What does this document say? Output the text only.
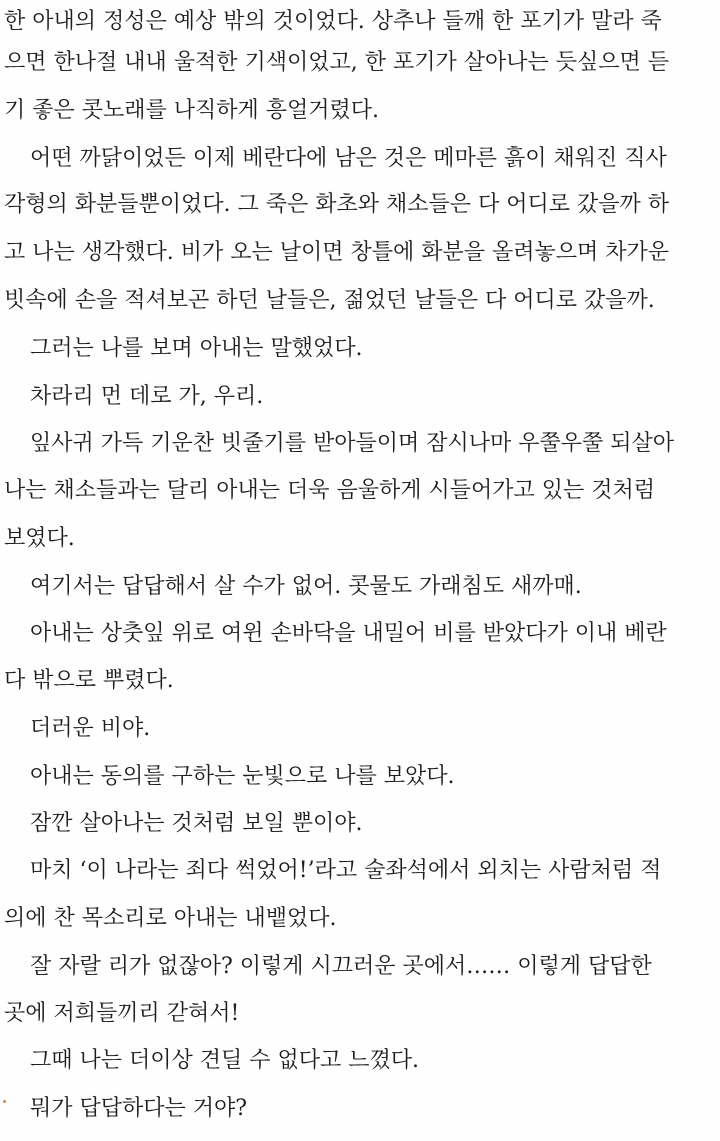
한 아내의 정성은 예상 밖의 것이었다. 상추나 들깨 한 포기가 말라 죽
으면 한나절 내내 울적한 기색이었고, 한 포기가 살아나는 듯싶으면 듣
기 좋은 콧노래를 나직하게 흥얼거렸다.
어떤 까닭이었든 이제 베란다에 남은 것은 메마른 흙이 채워진 직사
각형의 화분들뿐이었다. 그 죽은 화초와 채소들은 다 어디로 갔을까 하
고 나는 생각했다. 비가 오는 날이면 창틀에 화분을 올려놓으며 차가운
빗속에 손을 적셔보곤 하던 날들은, 젊었던 날들은 다 어디로 갔을까.
그러는 나를 보며 아내는 말했었다.
차라리 먼 데로 가, 우리.
잎사귀 가득 기운찬 빗줄기를 받아들이며 잠시나마 우쭐우쭐 되살아
나는 채소들과는 달리 아내는 더욱 음울하게 시들어가고 있는 것처럼
보였다.
여기서는 답답해서 살 수가 없어. 콧물도 가래침도 새까매.
아내는 상춧잎 위로 여윈 손바닥을 내밀어 비를 받았다가 이내 베란
다 밖으로 뿌렸다.
더러운 비야.
아내는 동의를 구하는 눈빛으로 나를 보았다.
잠깐 살아나는 것처럼 보일 뿐이야.
마치 ‘이 나라는 죄다 썩었어!’라고 술좌석에서 외치는 사람처럼 적
의에 찬 목소리로 아내는 내뱉었다.
잘 자랄 리가 없잖아? 이렇게 시끄러운 곳에서…… 이렇게 답답한
곳에 저희들끼리 갇혀서!
그때 나는 더이상 견딜 수 없다고 느꼈다.
뭐가 답답하다는 거야?
